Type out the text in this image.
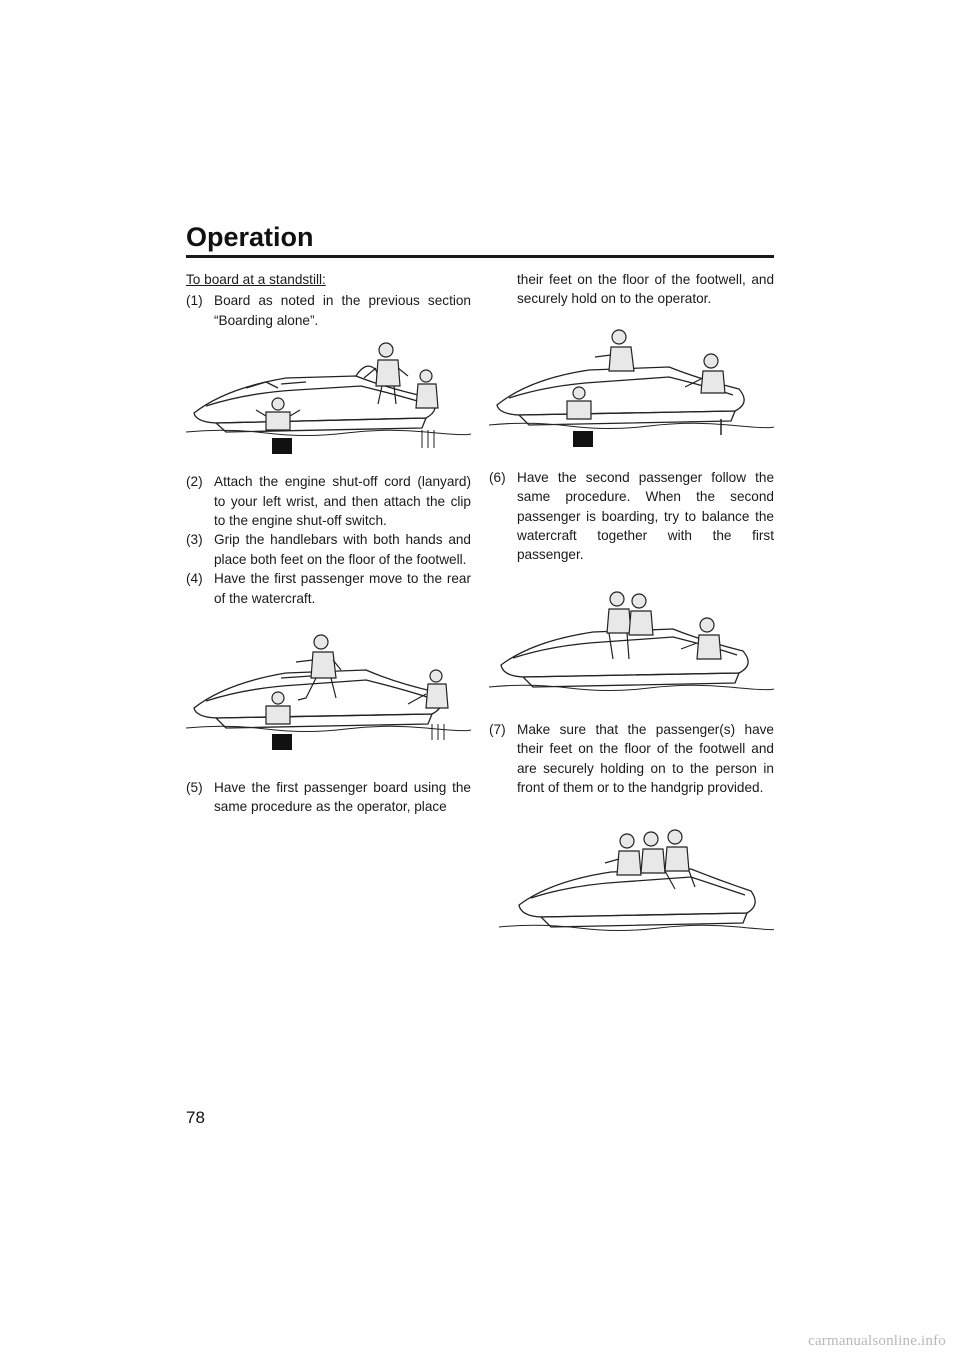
Operation

To board at a standstill:

(1) Board as noted in the previous section “Boarding alone”.
(2) Attach the engine shut-off cord (lanyard) to your left wrist, and then attach the clip to the engine shut-off switch.
(3) Grip the handlebars with both hands and place both feet on the floor of the footwell.
(4) Have the first passenger move to the rear of the watercraft.
(5) Have the first passenger board using the same procedure as the operator, place

their feet on the floor of the footwell, and securely hold on to the operator.

(6) Have the second passenger follow the same procedure. When the second passenger is boarding, try to balance the watercraft together with the first passenger.
(7) Make sure that the passenger(s) have their feet on the floor of the footwell and are securely holding on to the person in front of them or to the handgrip provided.
78
carmanualsonline.info
